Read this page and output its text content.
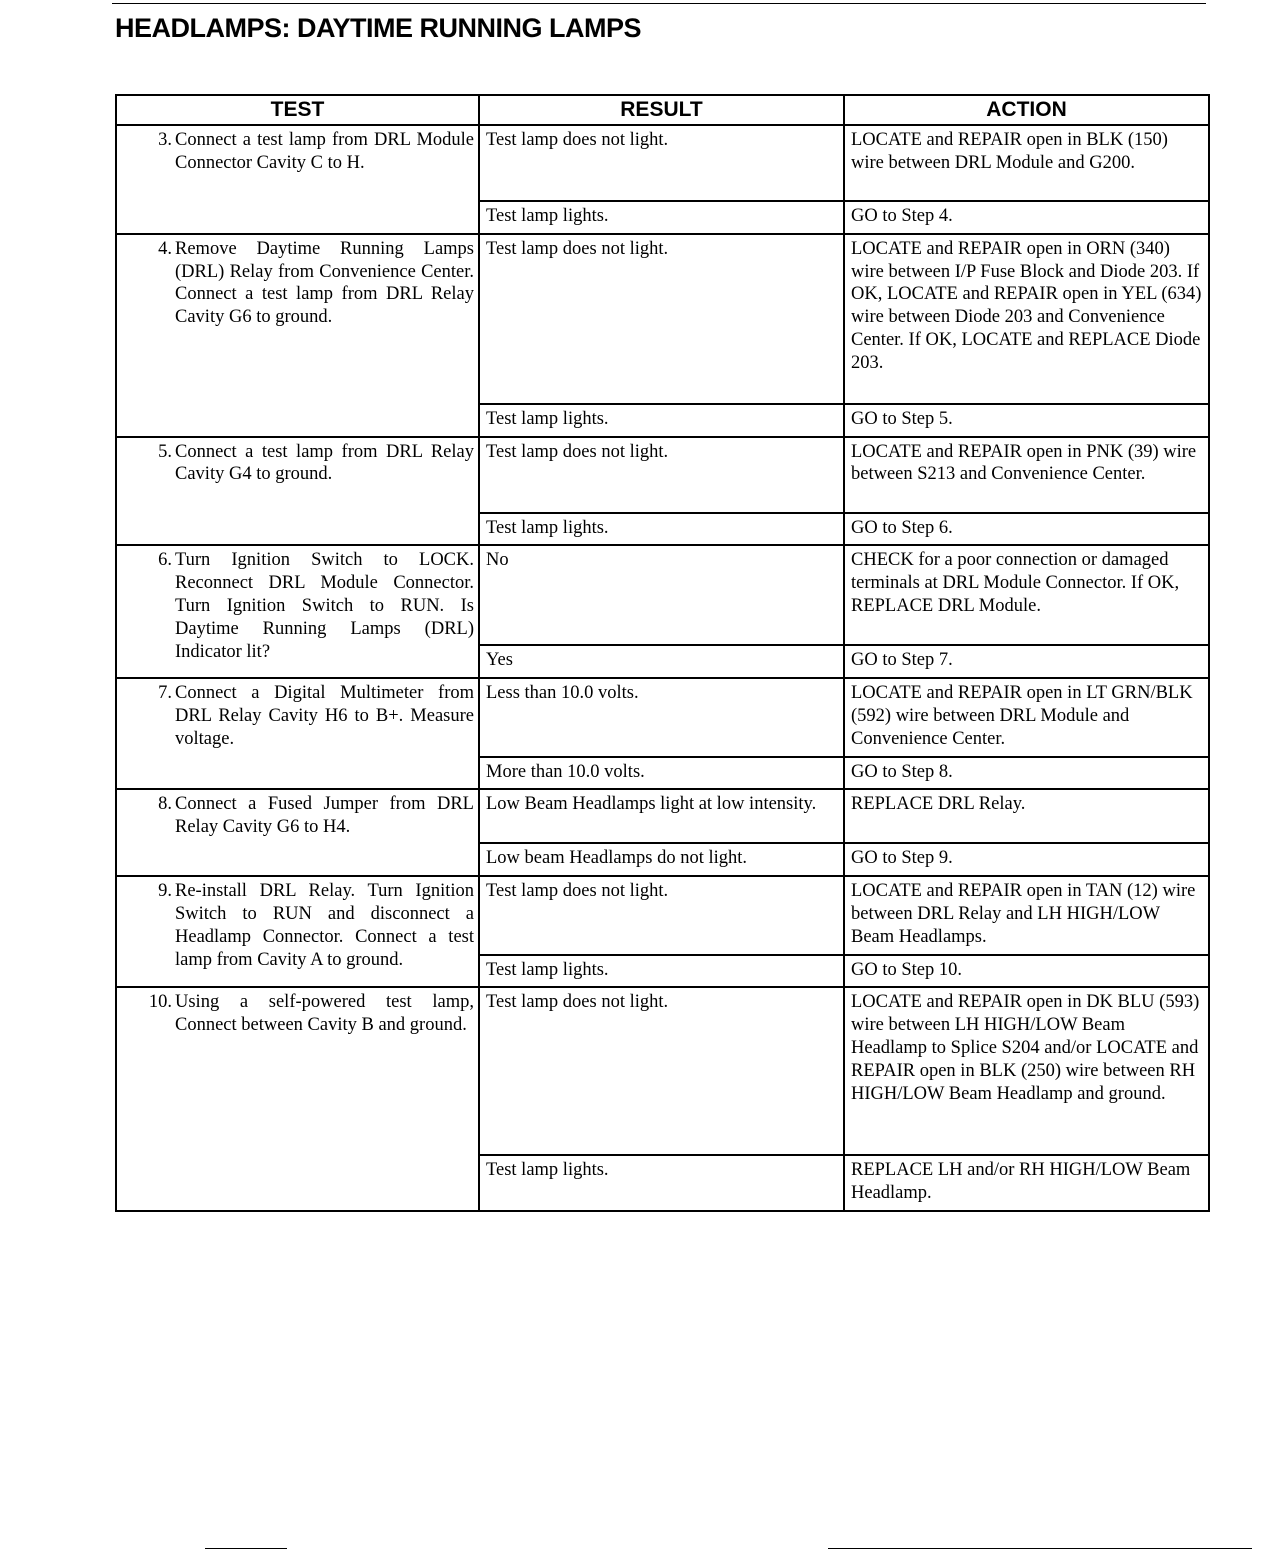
HEADLAMPS: DAYTIME RUNNING LAMPS
TEST	RESULT	ACTION

3. Connect a test lamp from DRL Module Connector Cavity C to H.	Test lamp does not light.	LOCATE and REPAIR open in BLK (150) wire between DRL Module and G200.
	Test lamp lights.	GO to Step 4.

4. Remove Daytime Running Lamps (DRL) Relay from Convenience Center. Connect a test lamp from DRL Relay Cavity G6 to ground.	Test lamp does not light.	LOCATE and REPAIR open in ORN (340) wire between I/P Fuse Block and Diode 203. If OK, LOCATE and REPAIR open in YEL (634) wire between Diode 203 and Convenience Center. If OK, LOCATE and REPLACE Diode 203.
	Test lamp lights.	GO to Step 5.

5. Connect a test lamp from DRL Relay Cavity G4 to ground.	Test lamp does not light.	LOCATE and REPAIR open in PNK (39) wire between S213 and Convenience Center.
	Test lamp lights.	GO to Step 6.

6. Turn Ignition Switch to LOCK. Reconnect DRL Module Connector. Turn Ignition Switch to RUN. Is Daytime Running Lamps (DRL) Indicator lit?	No	CHECK for a poor connection or damaged terminals at DRL Module Connector. If OK, REPLACE DRL Module.
	Yes	GO to Step 7.

7. Connect a Digital Multimeter from DRL Relay Cavity H6 to B+. Measure voltage.	Less than 10.0 volts.	LOCATE and REPAIR open in LT GRN/BLK (592) wire between DRL Module and Convenience Center.
	More than 10.0 volts.	GO to Step 8.

8. Connect a Fused Jumper from DRL Relay Cavity G6 to H4.	Low Beam Headlamps light at low intensity.	REPLACE DRL Relay.
	Low beam Headlamps do not light.	GO to Step 9.

9. Re-install DRL Relay. Turn Ignition Switch to RUN and disconnect a Headlamp Connector. Connect a test lamp from Cavity A to ground.	Test lamp does not light.	LOCATE and REPAIR open in TAN (12) wire between DRL Relay and LH HIGH/LOW Beam Headlamps.
	Test lamp lights.	GO to Step 10.

10. Using a self-powered test lamp, Connect between Cavity B and ground.	Test lamp does not light.	LOCATE and REPAIR open in DK BLU (593) wire between LH HIGH/LOW Beam Headlamp to Splice S204 and/or LOCATE and REPAIR open in BLK (250) wire between RH HIGH/LOW Beam Headlamp and ground.
	Test lamp lights.	REPLACE LH and/or RH HIGH/LOW Beam Headlamp.
